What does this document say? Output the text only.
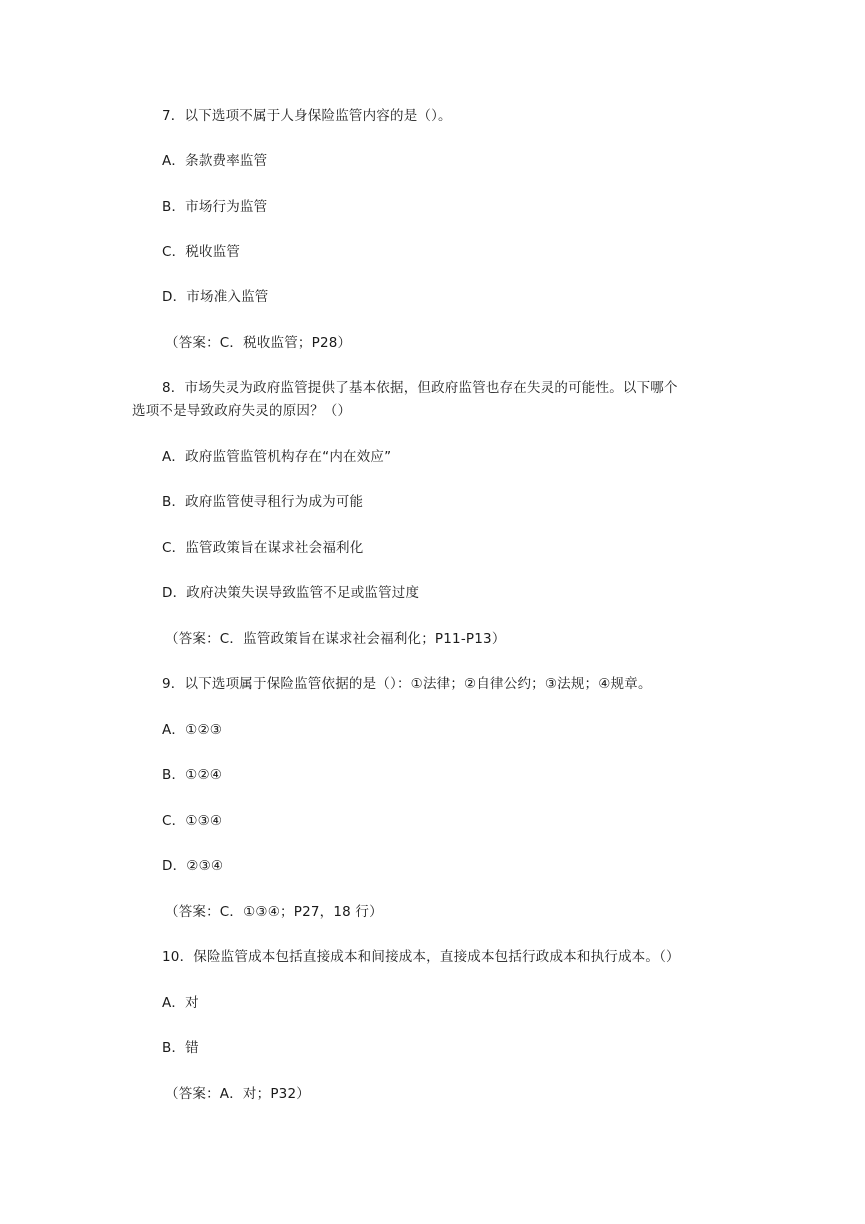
7．以下选项不属于人身保险监管内容的是（）。
A．条款费率监管
B．市场行为监管
C．税收监管
D．市场准入监管
（答案：C．税收监管；P28）
8．市场失灵为政府监管提供了基本依据，但政府监管也存在失灵的可能性。以下哪个
选项不是导致政府失灵的原因？（）
A．政府监管监管机构存在“内在效应”
B．政府监管使寻租行为成为可能
C．监管政策旨在谋求社会福利化
D．政府决策失误导致监管不足或监管过度
（答案：C．监管政策旨在谋求社会福利化；P11-P13）
9．以下选项属于保险监管依据的是（）：①法律；②自律公约；③法规；④规章。
A．①②③
B．①②④
C．①③④
D．②③④
（答案：C．①③④；P27，18 行）
10．保险监管成本包括直接成本和间接成本，直接成本包括行政成本和执行成本。（）
A．对
B．错
（答案：A．对；P32）
